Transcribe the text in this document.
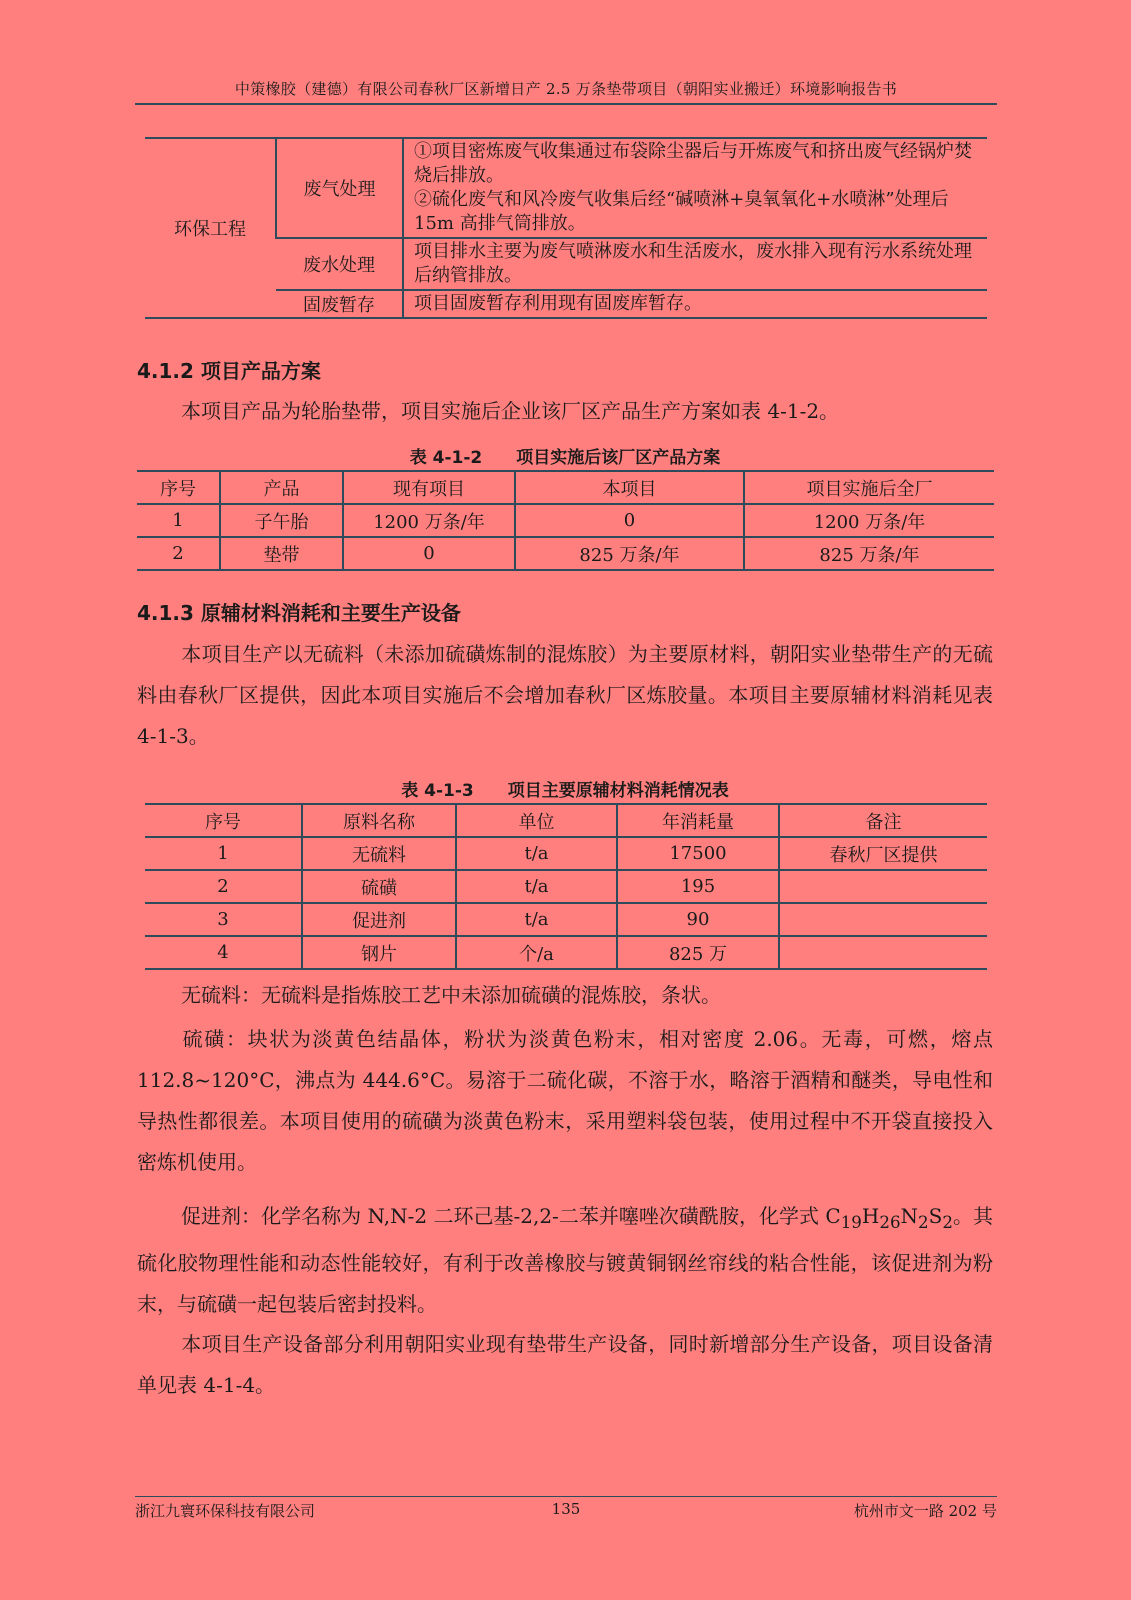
中策橡胶（建德）有限公司春秋厂区新增日产 2.5 万条垫带项目（朝阳实业搬迁）环境影响报告书
环保工程	废气处理	①项目密炼废气收集通过布袋除尘器后与开炼废气和挤出废气经锅炉焚烧后排放。
②硫化废气和风冷废气收集后经“碱喷淋+臭氧氧化+水喷淋”处理后 15m 高排气筒排放。

	废水处理	项目排水主要为废气喷淋废水和生活废水，废水排入现有污水系统处理后纳管排放。

	固废暂存	项目固废暂存利用现有固废库暂存。
4.1.2 项目产品方案
本项目产品为轮胎垫带，项目实施后企业该厂区产品生产方案如表 4-1-2。
表 4-1-2　　项目实施后该厂区产品方案
序号	产品	现有项目	本项目	项目实施后全厂
1	子午胎	1200 万条/年	0	1200 万条/年
2	垫带	0	825 万条/年	825 万条/年
4.1.3 原辅材料消耗和主要生产设备
本项目生产以无硫料（未添加硫磺炼制的混炼胶）为主要原材料，朝阳实业垫带生产的无硫料由春秋厂区提供，因此本项目实施后不会增加春秋厂区炼胶量。本项目主要原辅材料消耗见表 4-1-3。
表 4-1-3　　项目主要原辅材料消耗情况表
序号	原料名称	单位	年消耗量	备注
1	无硫料	t/a	17500	春秋厂区提供
2	硫磺	t/a	195	
3	促进剂	t/a	90	
4	钢片	个/a	825 万	
无硫料：无硫料是指炼胶工艺中未添加硫磺的混炼胶，条状。
硫磺：块状为淡黄色结晶体，粉状为淡黄色粉末，相对密度 2.06。无毒，可燃，熔点 112.8~120°C，沸点为 444.6°C。易溶于二硫化碳，不溶于水，略溶于酒精和醚类，导电性和导热性都很差。本项目使用的硫磺为淡黄色粉末，采用塑料袋包装，使用过程中不开袋直接投入密炼机使用。
促进剂：化学名称为 N,N-2 二环己基-2,2-二苯并噻唑次磺酰胺，化学式 $C_{19}H_{26}N_2S_2$。其硫化胶物理性能和动态性能较好，有利于改善橡胶与镀黄铜钢丝帘线的粘合性能，该促进剂为粉末，与硫磺一起包装后密封投料。
本项目生产设备部分利用朝阳实业现有垫带生产设备，同时新增部分生产设备，项目设备清单见表 4-1-4。
浙江九寰环保科技有限公司	135	杭州市文一路 202 号
